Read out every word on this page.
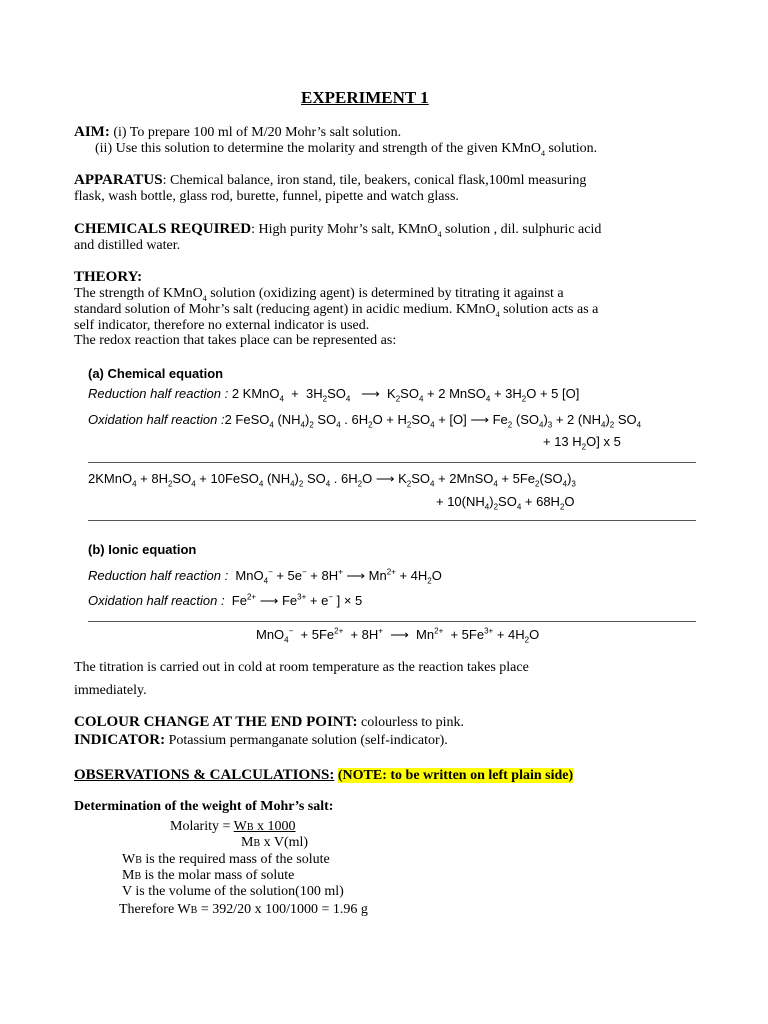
EXPERIMENT 1
AIM: (i) To prepare 100 ml of M/20 Mohr’s salt solution.
(ii) Use this solution to determine the molarity and strength of the given KMnO$_4$ solution.
APPARATUS: Chemical balance, iron stand, tile, beakers, conical flask,100ml measuring
flask, wash bottle, glass rod, burette, funnel, pipette and watch glass.
CHEMICALS REQUIRED: High purity Mohr’s salt, KMnO$_4$ solution , dil. sulphuric acid
and distilled water.
THEORY:
The strength of KMnO$_4$ solution (oxidizing agent) is determined by titrating it against a
standard solution of Mohr’s salt (reducing agent) in acidic medium. KMnO$_4$ solution acts as a
self indicator, therefore no external indicator is used.
The redox reaction that takes place can be represented as:
(a) Chemical equation
Reduction half reaction : 2 KMnO$_4$  +  $3H_2SO_4$   ⟶  $K_2SO_4 + 2$ MnSO$_4$ + $3H_2O + 5$ [O]
Oxidation half reaction :2 FeSO$_4$ $(NH_4)_2$ $SO_4$ . $6H_2O + H_2SO_4 + [O]$ ⟶ $Fe_2$ $(SO_4)_3 + 2$ $(NH_4)_2$ $SO_4$
+ 13 $H_2O$] x 5
2KMnO$_4$ + $8H_2SO_4$ + 10FeSO$_4$ $(NH_4)_2$ $SO_4$ . $6H_2O$ ⟶ $K_2SO_4$ + 2MnSO$_4$ + $5Fe_2(SO_4)_3$
+ $10(NH_4)_2SO_4 + 68H_2O$
(b) Ionic equation
Reduction half reaction :  MnO$_4$− + 5e− + 8H+ ⟶ $Mn^{2+} + 4H_2O$
Oxidation half reaction :  $Fe^{2+}$ ⟶ $Fe^{3+} + e^-$ ] × 5
$MnO_4^- + 5Fe^{2+} + 8H^+$  ⟶  $Mn^{2+} + 5Fe^{3+} + 4H_2O$
The titration is carried out in cold at room temperature as the reaction takes place
immediately.
COLOUR CHANGE AT THE END POINT: colourless to pink.
INDICATOR: Potassium permanganate solution (self-indicator).
OBSERVATIONS & CALCULATIONS: (NOTE: to be written on left plain side)
Determination of the weight of Mohr’s salt:
Molarity = WB x 1000
MB x V(ml)
WB is the required mass of the solute
MB is the molar mass of solute
V is the volume of the solution(100 ml)
Therefore WB = 392/20 x 100/1000 = 1.96 g
